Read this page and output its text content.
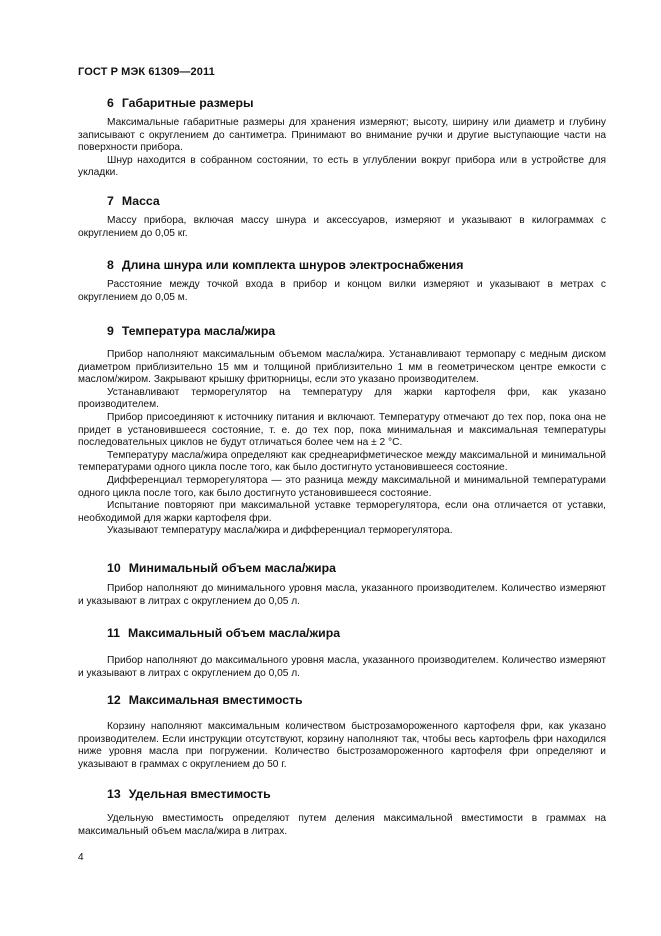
ГОСТ Р МЭК 61309—2011
6 Габаритные размеры

Максимальные габаритные размеры для хранения измеряют; высоту, ширину или диаметр и глубину записывают с округлением до сантиметра. Принимают во внимание ручки и другие выступающие части на поверхности прибора.

Шнур находится в собранном состоянии, то есть в углублении вокруг прибора или в устройстве для укладки.

7 Масса

Массу прибора, включая массу шнура и аксессуаров, измеряют и указывают в килограммах с округлением до 0,05 кг.

8 Длина шнура или комплекта шнуров электроснабжения

Расстояние между точкой входа в прибор и концом вилки измеряют и указывают в метрах с округлением до 0,05 м.

9 Температура масла/жира

Прибор наполняют максимальным объемом масла/жира. Устанавливают термопару с медным диском диаметром приблизительно 15 мм и толщиной приблизительно 1 мм в геометрическом центре емкости с маслом/жиром. Закрывают крышку фритюрницы, если это указано производителем.

Устанавливают терморегулятор на температуру для жарки картофеля фри, как указано производителем.

Прибор присоединяют к источнику питания и включают. Температуру отмечают до тех пор, пока она не придет в установившееся состояние, т. е. до тех пор, пока минимальная и максимальная температуры последовательных циклов не будут отличаться более чем на ± 2 °С.

Температуру масла/жира определяют как среднеарифметическое между максимальной и минимальной температурами одного цикла после того, как было достигнуто установившееся состояние.

Дифференциал терморегулятора — это разница между максимальной и минимальной температурами одного цикла после того, как было достигнуто установившееся состояние.

Испытание повторяют при максимальной уставке терморегулятора, если она отличается от уставки, необходимой для жарки картофеля фри.

Указывают температуру масла/жира и дифференциал терморегулятора.

10 Минимальный объем масла/жира

Прибор наполняют до минимального уровня масла, указанного производителем. Количество измеряют и указывают в литрах с округлением до 0,05 л.

11 Максимальный объем масла/жира

Прибор наполняют до максимального уровня масла, указанного производителем. Количество измеряют и указывают в литрах с округлением до 0,05 л.

12 Максимальная вместимость

Корзину наполняют максимальным количеством быстрозамороженного картофеля фри, как указано производителем. Если инструкции отсутствуют, корзину наполняют так, чтобы весь картофель фри находился ниже уровня масла при погружении. Количество быстрозамороженного картофеля фри определяют и указывают в граммах с округлением до 50 г.

13 Удельная вместимость

Удельную вместимость определяют путем деления максимальной вместимости в граммах на максимальный объем масла/жира в литрах.

4
